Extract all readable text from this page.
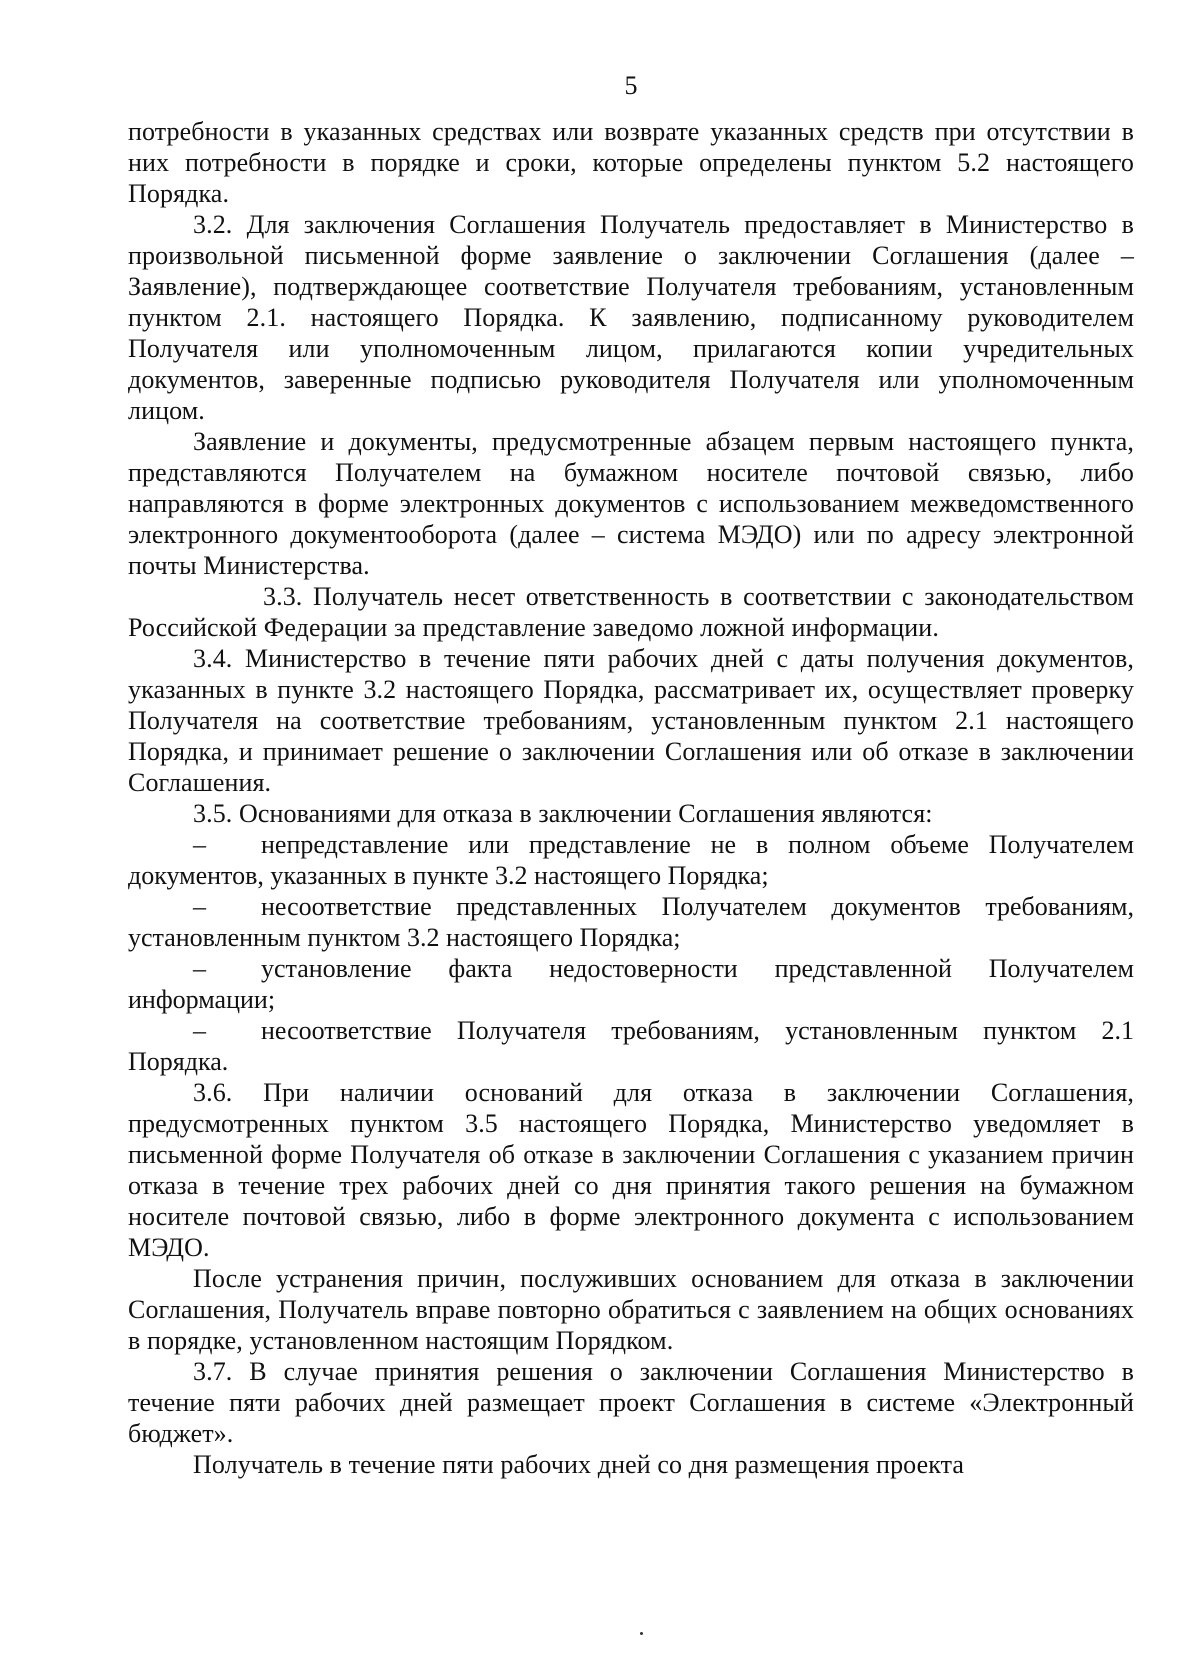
5

потребности в указанных средствах или возврате указанных средств при отсутствии в них потребности в порядке и сроки, которые определены пунктом 5.2 настоящего Порядка.

3.2. Для заключения Соглашения Получатель предоставляет в Министерство в произвольной письменной форме заявление о заключении Соглашения (далее – Заявление), подтверждающее соответствие Получателя требованиям, установленным пунктом 2.1. настоящего Порядка. К заявлению, подписанному руководителем Получателя или уполномоченным лицом, прилагаются копии учредительных документов, заверенные подписью руководителя Получателя или уполномоченным лицом.

Заявление и документы, предусмотренные абзацем первым настоящего пункта, представляются Получателем на бумажном носителе почтовой связью, либо направляются в форме электронных документов с использованием межведомственного электронного документооборота (далее – система МЭДО) или по адресу электронной почты Министерства.

3.3. Получатель несет ответственность в соответствии с законодательством Российской Федерации за представление заведомо ложной информации.

3.4. Министерство в течение пяти рабочих дней с даты получения документов, указанных в пункте 3.2 настоящего Порядка, рассматривает их, осуществляет проверку Получателя на соответствие требованиям, установленным пунктом 2.1 настоящего Порядка, и принимает решение о заключении Соглашения или об отказе в заключении Соглашения.

3.5. Основаниями для отказа в заключении Соглашения являются:

– непредставление или представление не в полном объеме Получателем документов, указанных в пункте 3.2 настоящего Порядка;

– несоответствие представленных Получателем документов требованиям, установленным пунктом 3.2 настоящего Порядка;

– установление факта недостоверности представленной Получателем информации;

– несоответствие Получателя требованиям, установленным пунктом 2.1 Порядка.

3.6. При наличии оснований для отказа в заключении Соглашения, предусмотренных пунктом 3.5 настоящего Порядка, Министерство уведомляет в письменной форме Получателя об отказе в заключении Соглашения с указанием причин отказа в течение трех рабочих дней со дня принятия такого решения на бумажном носителе почтовой связью, либо в форме электронного документа с использованием МЭДО.

После устранения причин, послуживших основанием для отказа в заключении Соглашения, Получатель вправе повторно обратиться с заявлением на общих основаниях в порядке, установленном настоящим Порядком.

3.7. В случае принятия решения о заключении Соглашения Министерство в течение пяти рабочих дней размещает проект Соглашения в системе «Электронный бюджет».

Получатель в течение пяти рабочих дней со дня размещения проекта
